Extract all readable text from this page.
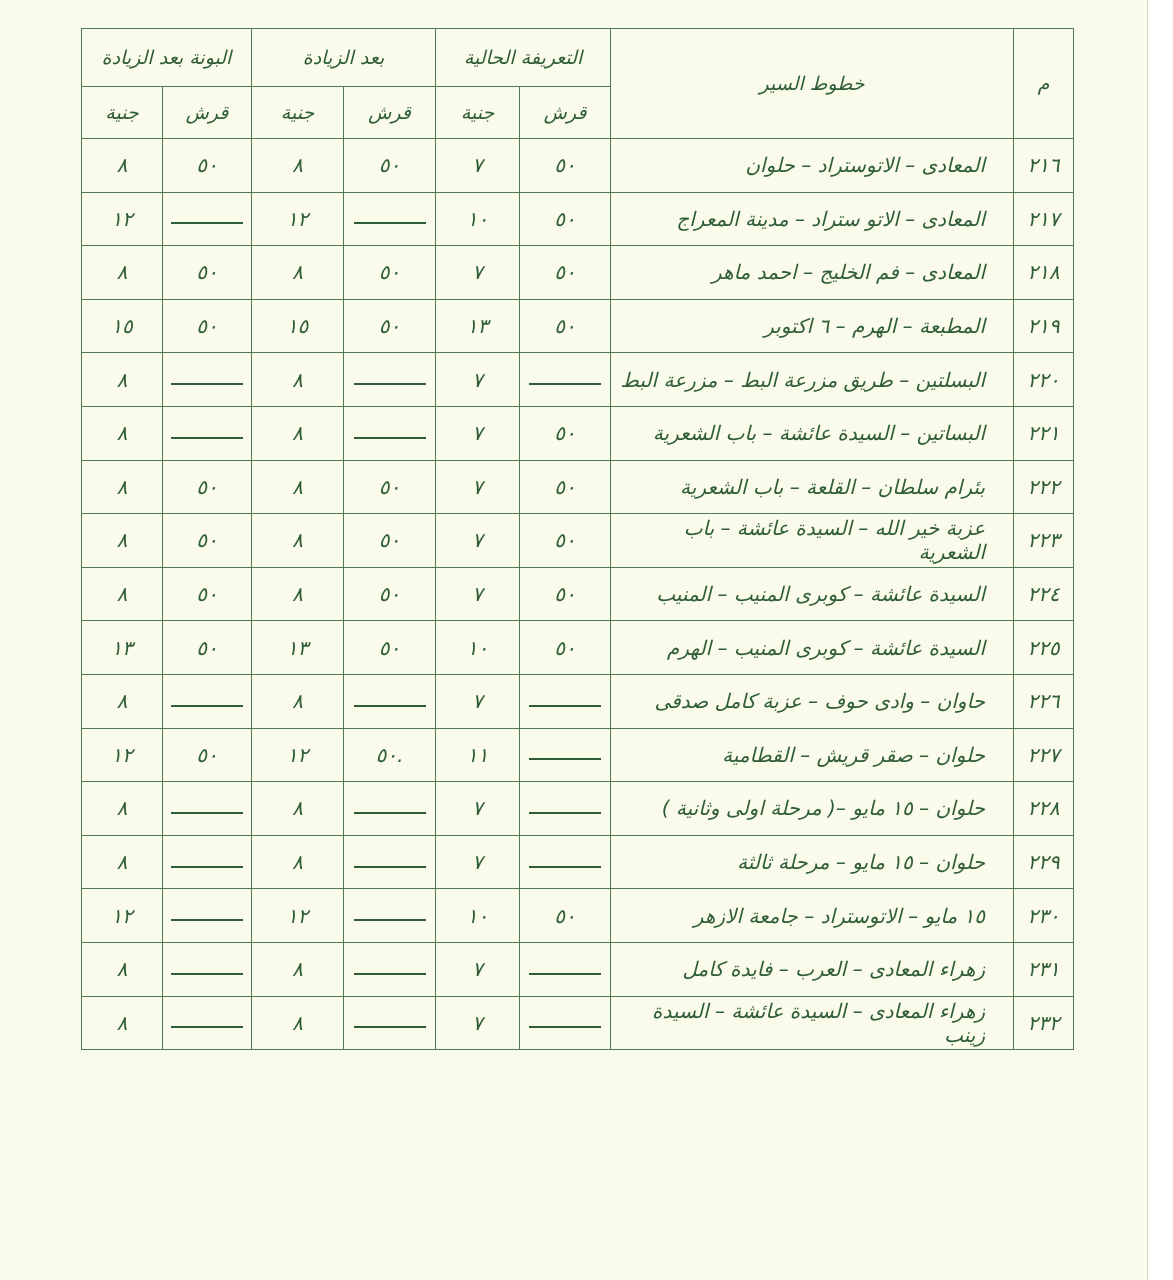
البونة بعد الزيادة		بعد الزيادة		التعريفة الحالية		خطوط السير	م
جنية	قرش	جنية	قرش	جنية	قرش		
٨	٥٠	٨	٥٠	٧	٥٠	المعادى – الاتوستراد – حلوان	٢١٦
١٢		١٢		١٠	٥٠	المعادى – الاتو ستراد – مدينة المعراج	٢١٧
٨	٥٠	٨	٥٠	٧	٥٠	المعادى – فم الخليج – احمد ماهر	٢١٨
١٥	٥٠	١٥	٥٠	١٣	٥٠	المطبعة – الهرم – ٦ اكتوبر	٢١٩
٨		٨		٧		البسلتين – طريق مزرعة البط – مزرعة البط	٢٢٠
٨		٨		٧	٥٠	البساتين – السيدة عائشة – باب الشعرية	٢٢١
٨	٥٠	٨	٥٠	٧	٥٠	بئرام سلطان – القلعة – باب الشعرية	٢٢٢
٨	٥٠	٨	٥٠	٧	٥٠	عزبة خير الله – السيدة عائشة – باب الشعرية	٢٢٣
٨	٥٠	٨	٥٠	٧	٥٠	السيدة عائشة – كوبرى المنيب – المنيب	٢٢٤
١٣	٥٠	١٣	٥٠	١٠	٥٠	السيدة عائشة – كوبرى المنيب – الهرم	٢٢٥
٨		٨		٧		حاوان – وادى حوف – عزبة كامل صدقى	٢٢٦
١٢	٥٠	١٢	٥٠.	١١		حلوان – صقر قريش – القطامية	٢٢٧
٨		٨		٧		حلوان – ١٥ مايو –( مرحلة اولى وثانية )	٢٢٨
٨		٨		٧		حلوان – ١٥ مايو – مرحلة ثالثة	٢٢٩
١٢		١٢		١٠	٥٠	١٥ مايو – الاتوستراد – جامعة الازهر	٢٣٠
٨		٨		٧		زهراء المعادى – العرب – فايدة كامل	٢٣١
٨		٨		٧		زهراء المعادى – السيدة عائشة – السيدة زينب	٢٣٢
